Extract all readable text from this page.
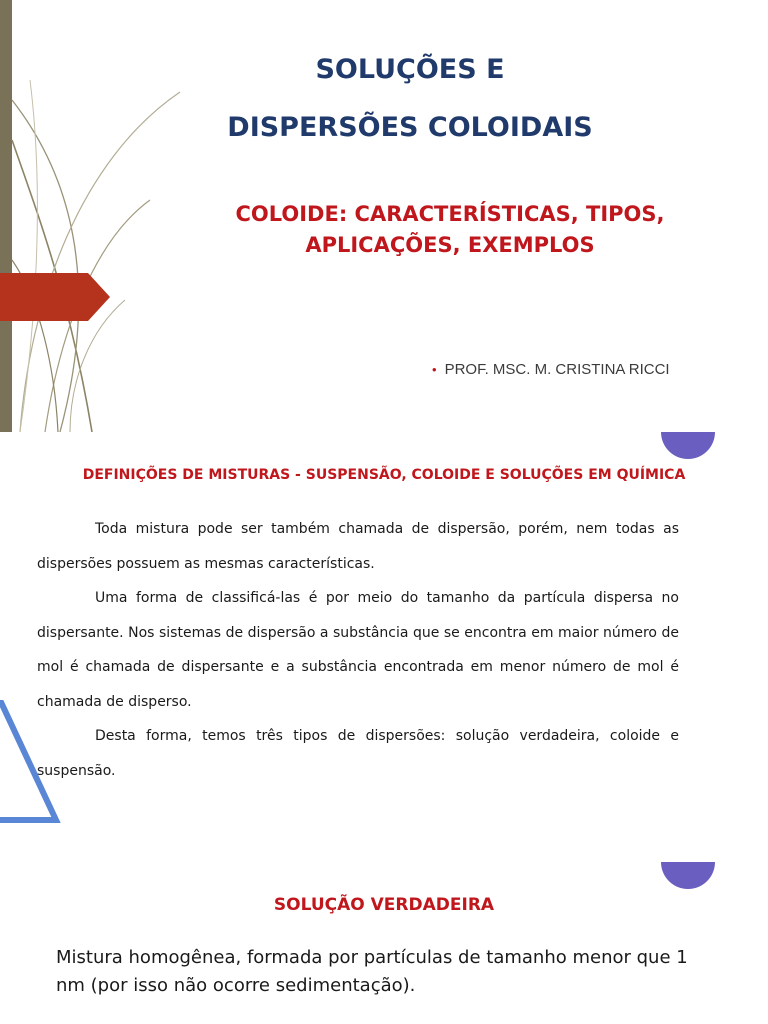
SOLUÇÕES E
DISPERSÕES COLOIDAIS
COLOIDE: CARACTERÍSTICAS, TIPOS,
APLICAÇÕES, EXEMPLOS
• PROF. MSC. M. CRISTINA RICCI
DEFINIÇÕES DE MISTURAS - SUSPENSÃO, COLOIDE E SOLUÇÕES EM QUÍMICA

Toda mistura pode ser também chamada de dispersão, porém, nem todas as dispersões possuem as mesmas características.

Uma forma de classificá-las é por meio do tamanho da partícula dispersa no dispersante. Nos sistemas de dispersão a substância que se encontra em maior número de mol é chamada de dispersante e a substância encontrada em menor número de mol é chamada de disperso.

Desta forma, temos três tipos de dispersões: solução verdadeira, coloide e suspensão.

SOLUÇÃO VERDADEIRA

Mistura homogênea, formada por partículas de tamanho menor que 1 nm (por isso não ocorre sedimentação).
